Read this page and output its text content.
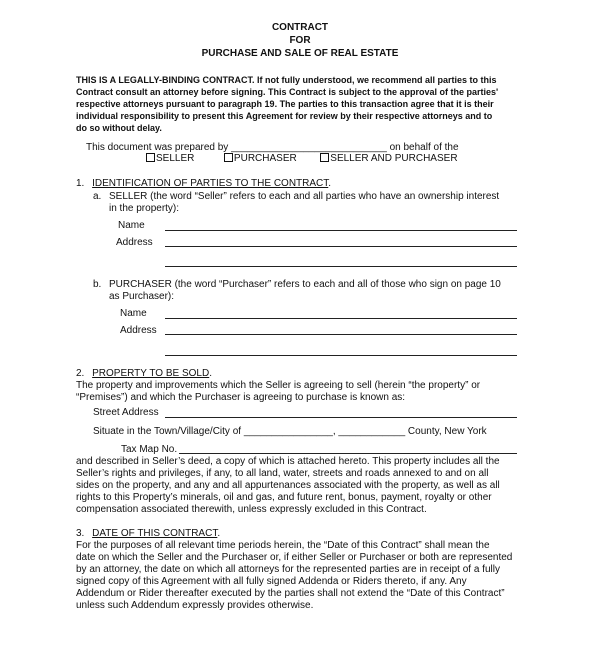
CONTRACT
FOR
PURCHASE AND SALE OF REAL ESTATE
THIS IS A LEGALLY-BINDING CONTRACT. If not fully understood, we recommend all parties to this
Contract consult an attorney before signing. This Contract is subject to the approval of the parties'
respective attorneys pursuant to paragraph 19. The parties to this transaction agree that it is their
individual responsibility to present this Agreement for review by their respective attorneys and to
do so without delay.
This document was prepared by ____________________________ on behalf of the
SELLER	PURCHASER	SELLER AND PURCHASER
1. IDENTIFICATION OF PARTIES TO THE CONTRACT.
a. SELLER (the word “Seller” refers to each and all parties who have an ownership interest
in the property):
Name
Address
b. PURCHASER (the word “Purchaser” refers to each and all of those who sign on page 10
as Purchaser):
Name
Address
2. PROPERTY TO BE SOLD.
The property and improvements which the Seller is agreeing to sell (herein “the property” or
“Premises”) and which the Purchaser is agreeing to purchase is known as:
Street Address
Situate in the Town/Village/City of ________________, ____________ County, New York
Tax Map No.
and described in Seller’s deed, a copy of which is attached hereto. This property includes all the
Seller’s rights and privileges, if any, to all land, water, streets and roads annexed to and on all
sides on the property, and any and all appurtenances associated with the property, as well as all
rights to this Property’s minerals, oil and gas, and future rent, bonus, payment, royalty or other
compensation associated therewith, unless expressly excluded in this Contract.
3. DATE OF THIS CONTRACT.
For the purposes of all relevant time periods herein, the “Date of this Contract” shall mean the
date on which the Seller and the Purchaser or, if either Seller or Purchaser or both are represented
by an attorney, the date on which all attorneys for the represented parties are in receipt of a fully
signed copy of this Agreement with all fully signed Addenda or Riders thereto, if any. Any
Addendum or Rider thereafter executed by the parties shall not extend the “Date of this Contract”
unless such Addendum expressly provides otherwise.
